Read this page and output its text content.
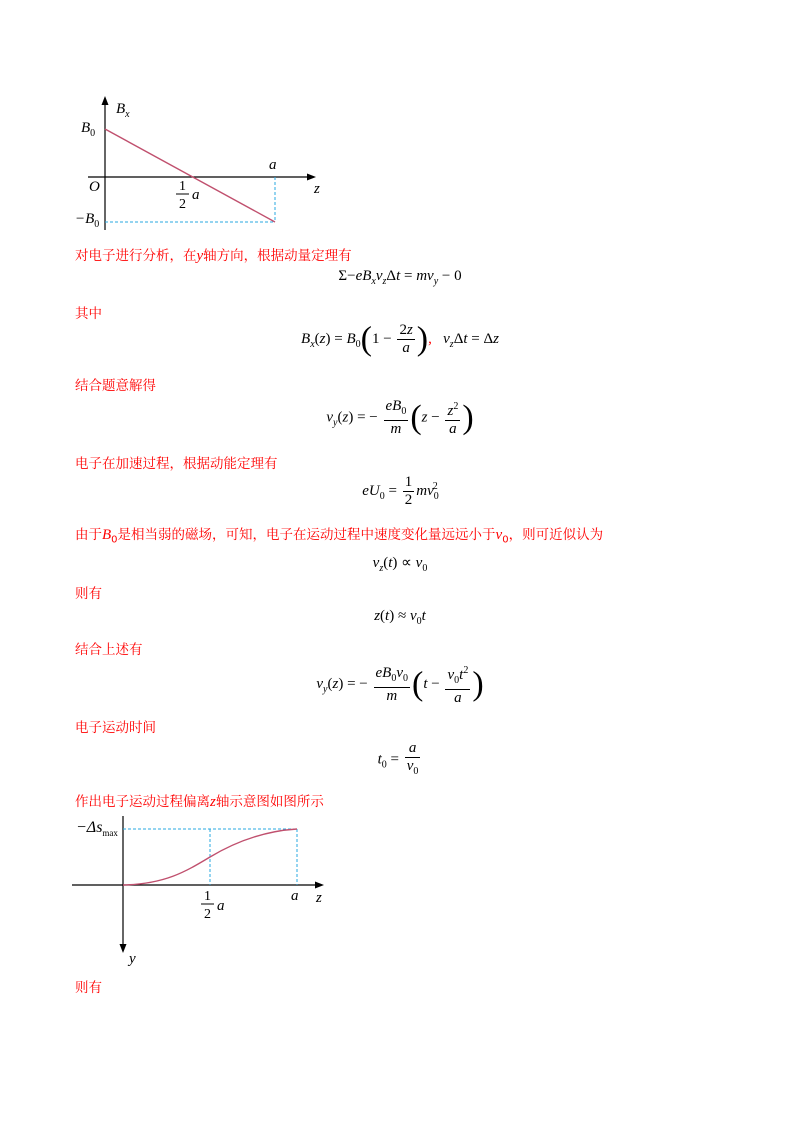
$B_x$
$B_0$
O
$-B_0$
a
z
1
2
a
对电子进行分析，在y轴方向，根据动量定理有
$\Sigma-eB_xv_z\Delta t = mv_y - 0$
其中
$B_x(z) = B_0(1 - \frac{2z}{a}$ ), $v_z\Delta t = \Delta z$
结合题意解得
$v_y(z)$ = − $\frac{eB_0}{m} (z - \frac{z^2}{a}$ )
电子在加速过程，根据动能定理有
$eU_0 = \frac{1}{2} mv_0^2$
由于$B_0$是相当弱的磁场，可知，电子在运动过程中速度变化量远远小于$v_0$，则可近似认为
$v_z(t) \propto v_0$
则有
$z(t) \approx v_0t$
结合上述有
$v_y(z)$ = − $\frac{eB_0v_0}{m} (t - \frac{v_0t^2}{a}$ )
电子运动时间
$t_0 = \frac{a}{v_0}$
作出电子运动过程偏离z轴示意图如图所示
$-\Delta s_{max}$
a z
1
2
a
y
则有
